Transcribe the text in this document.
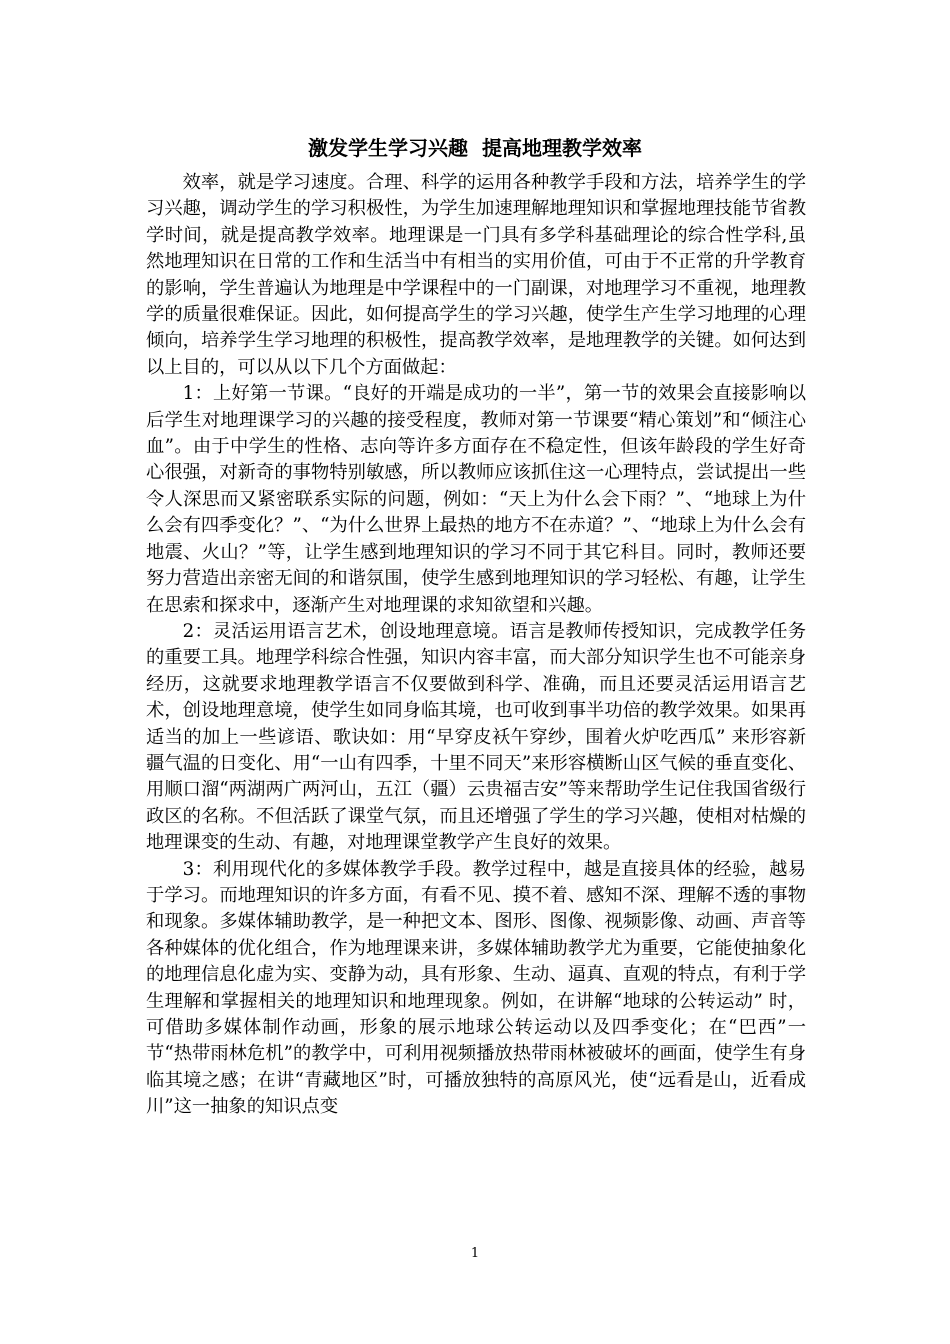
激发学生学习兴趣  提高地理教学效率

效率，就是学习速度。合理、科学的运用各种教学手段和方法，培养学生的学习兴趣，调动学生的学习积极性，为学生加速理解地理知识和掌握地理技能节省教学时间，就是提高教学效率。地理课是一门具有多学科基础理论的综合性学科,虽然地理知识在日常的工作和生活当中有相当的实用价值，可由于不正常的升学教育的影响，学生普遍认为地理是中学课程中的一门副课，对地理学习不重视，地理教学的质量很难保证。因此，如何提高学生的学习兴趣，使学生产生学习地理的心理倾向，培养学生学习地理的积极性，提高教学效率，是地理教学的关键。如何达到以上目的，可以从以下几个方面做起：

1：上好第一节课。“良好的开端是成功的一半”，第一节的效果会直接影响以后学生对地理课学习的兴趣的接受程度，教师对第一节课要“精心策划”和“倾注心血”。由于中学生的性格、志向等许多方面存在不稳定性，但该年龄段的学生好奇心很强，对新奇的事物特别敏感，所以教师应该抓住这一心理特点，尝试提出一些令人深思而又紧密联系实际的问题，例如：“天上为什么会下雨？”、“地球上为什么会有四季变化？”、“为什么世界上最热的地方不在赤道？”、“地球上为什么会有地震、火山？”等，让学生感到地理知识的学习不同于其它科目。同时，教师还要努力营造出亲密无间的和谐氛围，使学生感到地理知识的学习轻松、有趣，让学生在思索和探求中，逐渐产生对地理课的求知欲望和兴趣。

2：灵活运用语言艺术，创设地理意境。语言是教师传授知识，完成教学任务的重要工具。地理学科综合性强，知识内容丰富，而大部分知识学生也不可能亲身经历，这就要求地理教学语言不仅要做到科学、准确，而且还要灵活运用语言艺术，创设地理意境，使学生如同身临其境，也可收到事半功倍的教学效果。如果再适当的加上一些谚语、歌诀如：用“早穿皮袄午穿纱，围着火炉吃西瓜” 来形容新疆气温的日变化、用“一山有四季，十里不同天”来形容横断山区气候的垂直变化、用顺口溜“两湖两广两河山，五江（疆）云贵福吉安”等来帮助学生记住我国省级行政区的名称。不但活跃了课堂气氛，而且还增强了学生的学习兴趣，使相对枯燥的地理课变的生动、有趣，对地理课堂教学产生良好的效果。

3：利用现代化的多媒体教学手段。教学过程中，越是直接具体的经验，越易于学习。而地理知识的许多方面，有看不见、摸不着、感知不深、理解不透的事物和现象。多媒体辅助教学，是一种把文本、图形、图像、视频影像、动画、声音等各种媒体的优化组合，作为地理课来讲，多媒体辅助教学尤为重要，它能使抽象化的地理信息化虚为实、变静为动，具有形象、生动、逼真、直观的特点，有利于学生理解和掌握相关的地理知识和地理现象。例如，在讲解“地球的公转运动” 时，可借助多媒体制作动画，形象的展示地球公转运动以及四季变化；在“巴西”一节“热带雨林危机”的教学中，可利用视频播放热带雨林被破坏的画面，使学生有身临其境之感；在讲“青藏地区”时，可播放独特的高原风光，使“远看是山，近看成川”这一抽象的知识点变

1
